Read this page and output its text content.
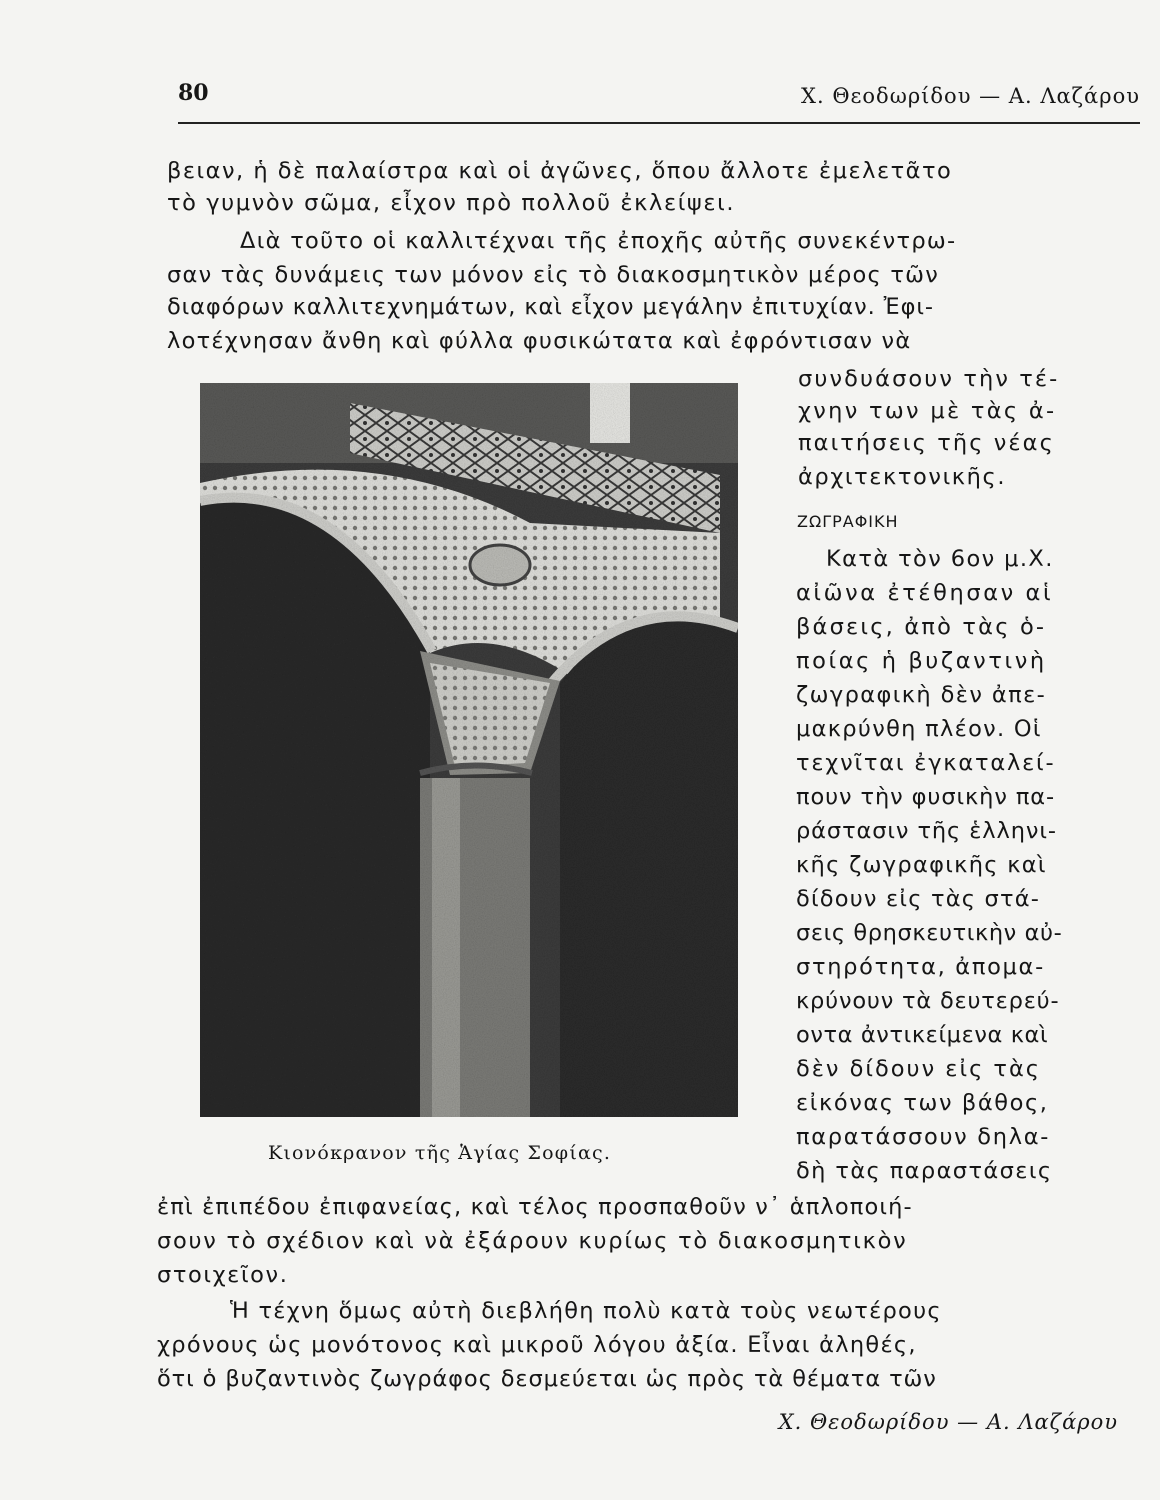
80	Χ. Θεοδωρίδου — Α. Λαζάρου
βειαν, ἡ δὲ παλαίστρα καὶ οἱ ἀγῶνες, ὅπου ἄλλοτε ἐμελετᾶτο
τὸ γυμνὸν σῶμα, εἶχον πρὸ πολλοῦ ἐκλείψει.
Διὰ τοῦτο οἱ καλλιτέχναι τῆς ἐποχῆς αὐτῆς συνεκέντρω-
σαν τὰς δυνάμεις των μόνον εἰς τὸ διακοσμητικὸν μέρος τῶν
διαφόρων καλλιτεχνημάτων, καὶ εἶχον μεγάλην ἐπιτυχίαν. Ἐφι-
λοτέχνησαν ἄνθη καὶ φύλλα φυσικώτατα καὶ ἐφρόντισαν νὰ
συνδυάσουν τὴν τέ-
χνην των μὲ τὰς ἀ-
παιτήσεις τῆς νέας
ἀρχιτεκτονικῆς.
ΖΩΓΡΑΦΙΚΗ
Κατὰ τὸν 6ον μ.Χ.
αἰῶνα ἐτέθησαν αἱ
βάσεις, ἀπὸ τὰς ὁ-
ποίας ἡ βυζαντινὴ
ζωγραφικὴ δὲν ἀπε-
μακρύνθη πλέον. Οἱ
τεχνῖται ἐγκαταλεί-
πουν τὴν φυσικὴν πα-
ράστασιν τῆς ἑλληνι-
κῆς ζωγραφικῆς καὶ
δίδουν εἰς τὰς στά-
σεις θρησκευτικὴν αὐ-
στηρότητα, ἀπομα-
κρύνουν τὰ δευτερεύ-
οντα ἀντικείμενα καὶ
δὲν δίδουν εἰς τὰς
εἰκόνας των βάθος,
παρατάσσουν δηλα-
δὴ τὰς παραστάσεις
Κιονόκρανον τῆς Ἁγίας Σοφίας.
ἐπὶ ἐπιπέδου ἐπιφανείας, καὶ τέλος προσπαθοῦν ν᾽ ἁπλοποιή-
σουν τὸ σχέδιον καὶ νὰ ἐξάρουν κυρίως τὸ διακοσμητικὸν
στοιχεῖον.
Ἡ τέχνη ὅμως αὐτὴ διεβλήθη πολὺ κατὰ τοὺς νεωτέρους
χρόνους ὡς μονότονος καὶ μικροῦ λόγου ἀξία. Εἶναι ἀληθές,
ὅτι ὁ βυζαντινὸς ζωγράφος δεσμεύεται ὡς πρὸς τὰ θέματα τῶν
Χ. Θεοδωρίδου — Α. Λαζάρου
